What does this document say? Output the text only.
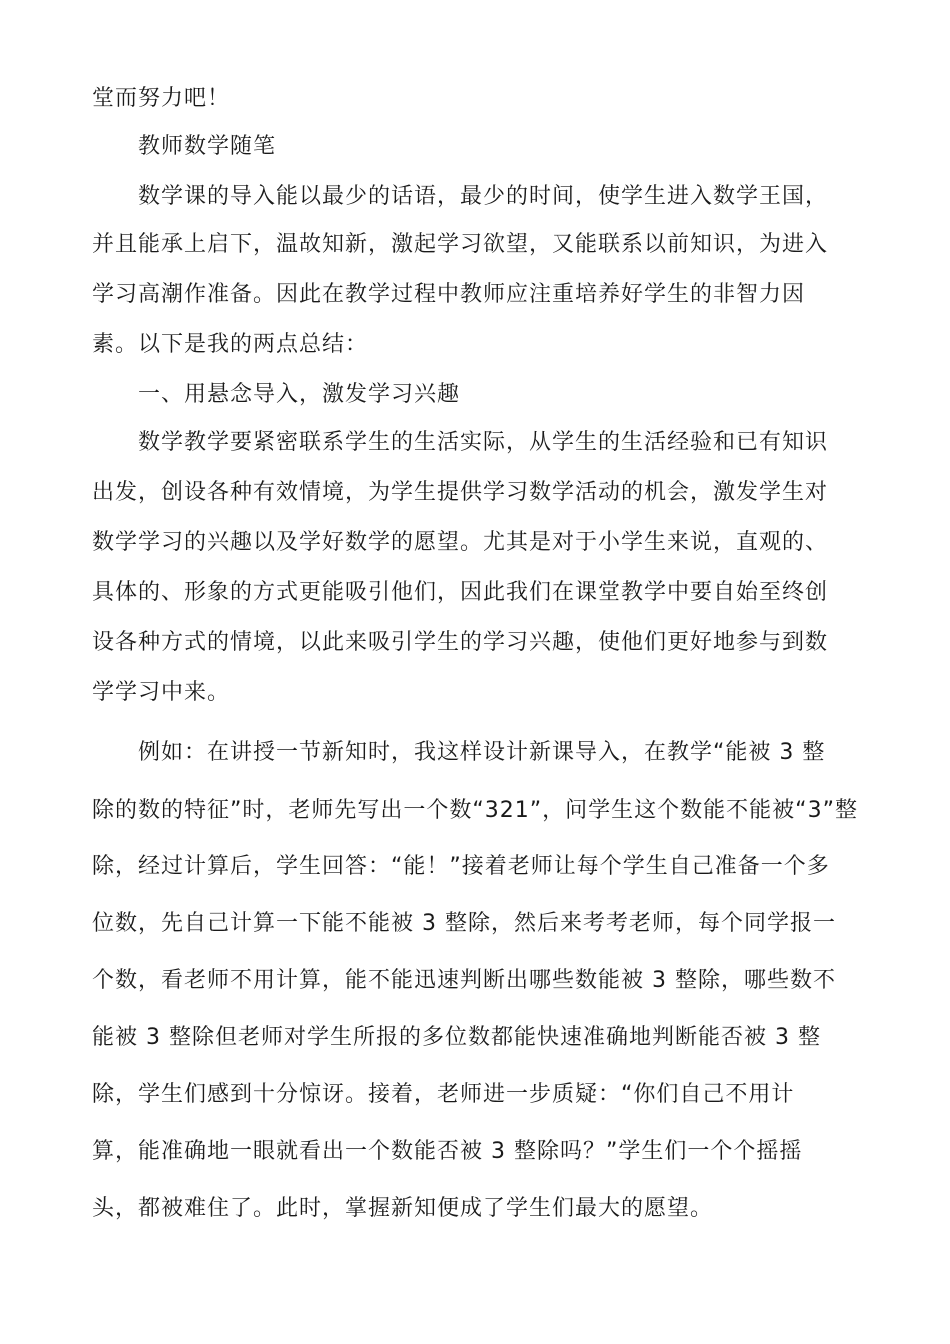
堂而努力吧！
　　教师数学随笔
　　数学课的导入能以最少的话语，最少的时间，使学生进入数学王国，
并且能承上启下，温故知新，激起学习欲望，又能联系以前知识，为进入
学习高潮作准备。因此在教学过程中教师应注重培养好学生的非智力因
素。以下是我的两点总结：
　　一、用悬念导入，激发学习兴趣
　　数学教学要紧密联系学生的生活实际，从学生的生活经验和已有知识
出发，创设各种有效情境，为学生提供学习数学活动的机会，激发学生对
数学学习的兴趣以及学好数学的愿望。尤其是对于小学生来说，直观的、
具体的、形象的方式更能吸引他们，因此我们在课堂教学中要自始至终创
设各种方式的情境，以此来吸引学生的学习兴趣，使他们更好地参与到数
学学习中来。
　　例如：在讲授一节新知时，我这样设计新课导入，在教学“能被 3 整
除的数的特征”时，老师先写出一个数“321”，问学生这个数能不能被“3”整
除，经过计算后，学生回答：“能！”接着老师让每个学生自己准备一个多
位数，先自己计算一下能不能被 3 整除，然后来考考老师，每个同学报一
个数，看老师不用计算，能不能迅速判断出哪些数能被 3 整除，哪些数不
能被 3 整除但老师对学生所报的多位数都能快速准确地判断能否被 3 整
除，学生们感到十分惊讶。接着，老师进一步质疑：“你们自己不用计
算，能准确地一眼就看出一个数能否被 3 整除吗？”学生们一个个摇摇
头，都被难住了。此时，掌握新知便成了学生们最大的愿望。
